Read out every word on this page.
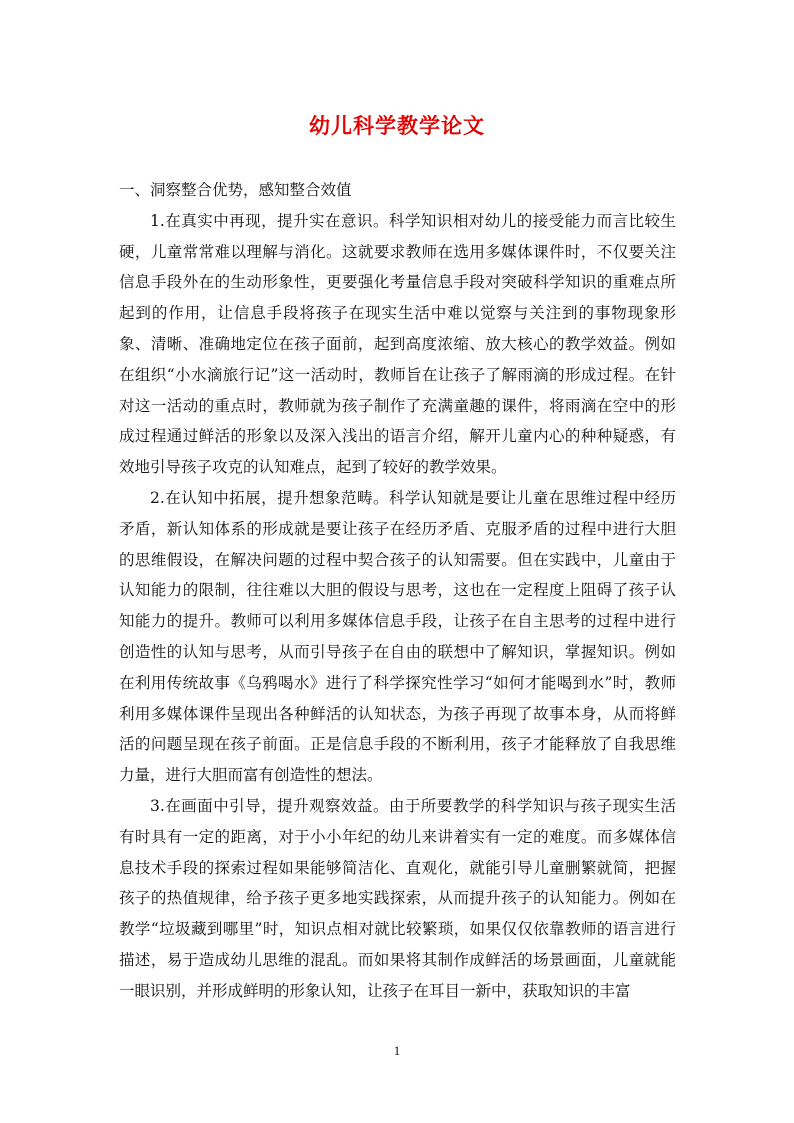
幼儿科学教学论文

一、洞察整合优势，感知整合效值

1.在真实中再现，提升实在意识。科学知识相对幼儿的接受能力而言比较生硬，儿童常常难以理解与消化。这就要求教师在选用多媒体课件时，不仅要关注信息手段外在的生动形象性，更要强化考量信息手段对突破科学知识的重难点所起到的作用，让信息手段将孩子在现实生活中难以觉察与关注到的事物现象形象、清晰、准确地定位在孩子面前，起到高度浓缩、放大核心的教学效益。例如在组织“小水滴旅行记”这一活动时，教师旨在让孩子了解雨滴的形成过程。在针对这一活动的重点时，教师就为孩子制作了充满童趣的课件，将雨滴在空中的形成过程通过鲜活的形象以及深入浅出的语言介绍，解开儿童内心的种种疑惑，有效地引导孩子攻克的认知难点，起到了较好的教学效果。

2.在认知中拓展，提升想象范畴。科学认知就是要让儿童在思维过程中经历矛盾，新认知体系的形成就是要让孩子在经历矛盾、克服矛盾的过程中进行大胆的思维假设，在解决问题的过程中契合孩子的认知需要。但在实践中，儿童由于认知能力的限制，往往难以大胆的假设与思考，这也在一定程度上阻碍了孩子认知能力的提升。教师可以利用多媒体信息手段，让孩子在自主思考的过程中进行创造性的认知与思考，从而引导孩子在自由的联想中了解知识，掌握知识。例如在利用传统故事《乌鸦喝水》进行了科学探究性学习“如何才能喝到水”时，教师利用多媒体课件呈现出各种鲜活的认知状态，为孩子再现了故事本身，从而将鲜活的问题呈现在孩子前面。正是信息手段的不断利用，孩子才能释放了自我思维力量，进行大胆而富有创造性的想法。

3.在画面中引导，提升观察效益。由于所要教学的科学知识与孩子现实生活有时具有一定的距离，对于小小年纪的幼儿来讲着实有一定的难度。而多媒体信息技术手段的探索过程如果能够简洁化、直观化，就能引导儿童删繁就简，把握孩子的热值规律，给予孩子更多地实践探索，从而提升孩子的认知能力。例如在教学“垃圾藏到哪里”时，知识点相对就比较繁琐，如果仅仅依靠教师的语言进行描述，易于造成幼儿思维的混乱。而如果将其制作成鲜活的场景画面，儿童就能一眼识别，并形成鲜明的形象认知，让孩子在耳目一新中，获取知识的丰富

1
